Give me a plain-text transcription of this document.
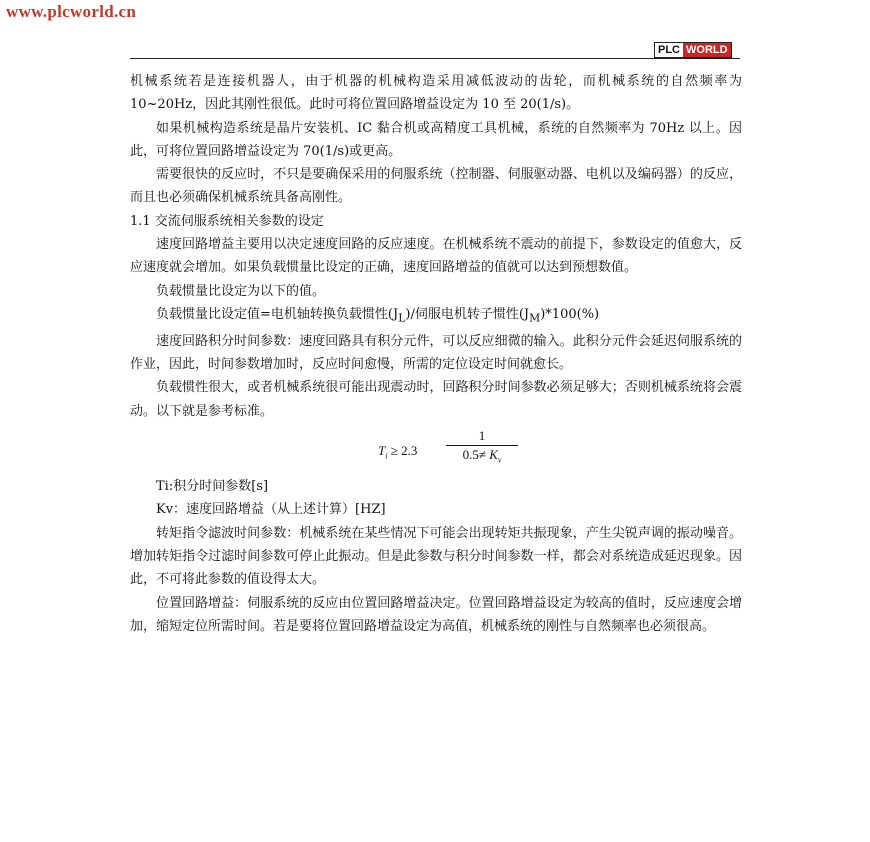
www.plcworld.cn
PLC WORLD

机械系统若是连接机器人，由于机器的机械构造采用减低波动的齿轮，而机械系统的自然频率为 10~20Hz，因此其刚性很低。此时可将位置回路增益设定为 10 至 20(1/s)。

如果机械构造系统是晶片安装机、IC 黏合机或高精度工具机械，系统的自然频率为 70Hz 以上。因此，可将位置回路增益设定为 70(1/s)或更高。

需要很快的反应时，不只是要确保采用的伺服系统（控制器、伺服驱动器、电机以及编码器）的反应，而且也必须确保机械系统具备高刚性。

1.1 交流伺服系统相关参数的设定

速度回路增益主要用以决定速度回路的反应速度。在机械系统不震动的前提下，参数设定的值愈大，反应速度就会增加。如果负载惯量比设定的正确，速度回路增益的值就可以达到预想数值。

负载惯量比设定为以下的值。

负载惯量比设定值=电机轴转换负载惯性$(J_L)/$伺服电机转子惯性$(J_M)*100(\%)$

速度回路积分时间参数：速度回路具有积分元件，可以反应细微的输入。此积分元件会延迟伺服系统的作业，因此，时间参数增加时，反应时间愈慢，所需的定位设定时间就愈长。

负载惯性很大，或者机械系统很可能出现震动时，回路积分时间参数必须足够大；否则机械系统将会震动。以下就是参考标准。

$T_i \ge 2.3$
1
$0.5\ne K_v$

Ti:积分时间参数[s]

Kv：速度回路增益（从上述计算）[HZ]

转矩指令滤波时间参数：机械系统在某些情况下可能会出现转矩共振现象，产生尖锐声调的振动噪音。增加转矩指令过滤时间参数可停止此振动。但是此参数与积分时间参数一样，都会对系统造成延迟现象。因此，不可将此参数的值设得太大。

位置回路增益：伺服系统的反应由位置回路增益决定。位置回路增益设定为较高的值时，反应速度会增加，缩短定位所需时间。若是要将位置回路增益设定为高值，机械系统的刚性与自然频率也必须很高。
